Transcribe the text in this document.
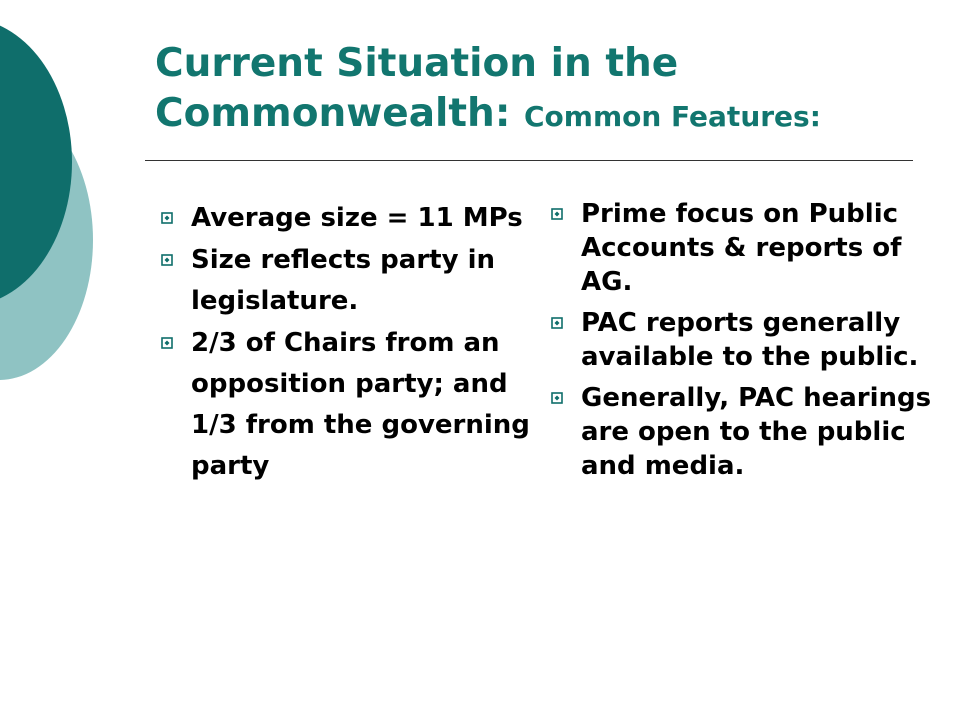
Current Situation in the
Commonwealth: Common Features:
Average size = 11 MPs
Size reflects party in legislature.
2/3 of Chairs from an opposition party; and 1/3 from the governing party
Prime focus on Public Accounts & reports of AG.
PAC reports generally available to the public.
Generally, PAC hearings are open to the public and media.
